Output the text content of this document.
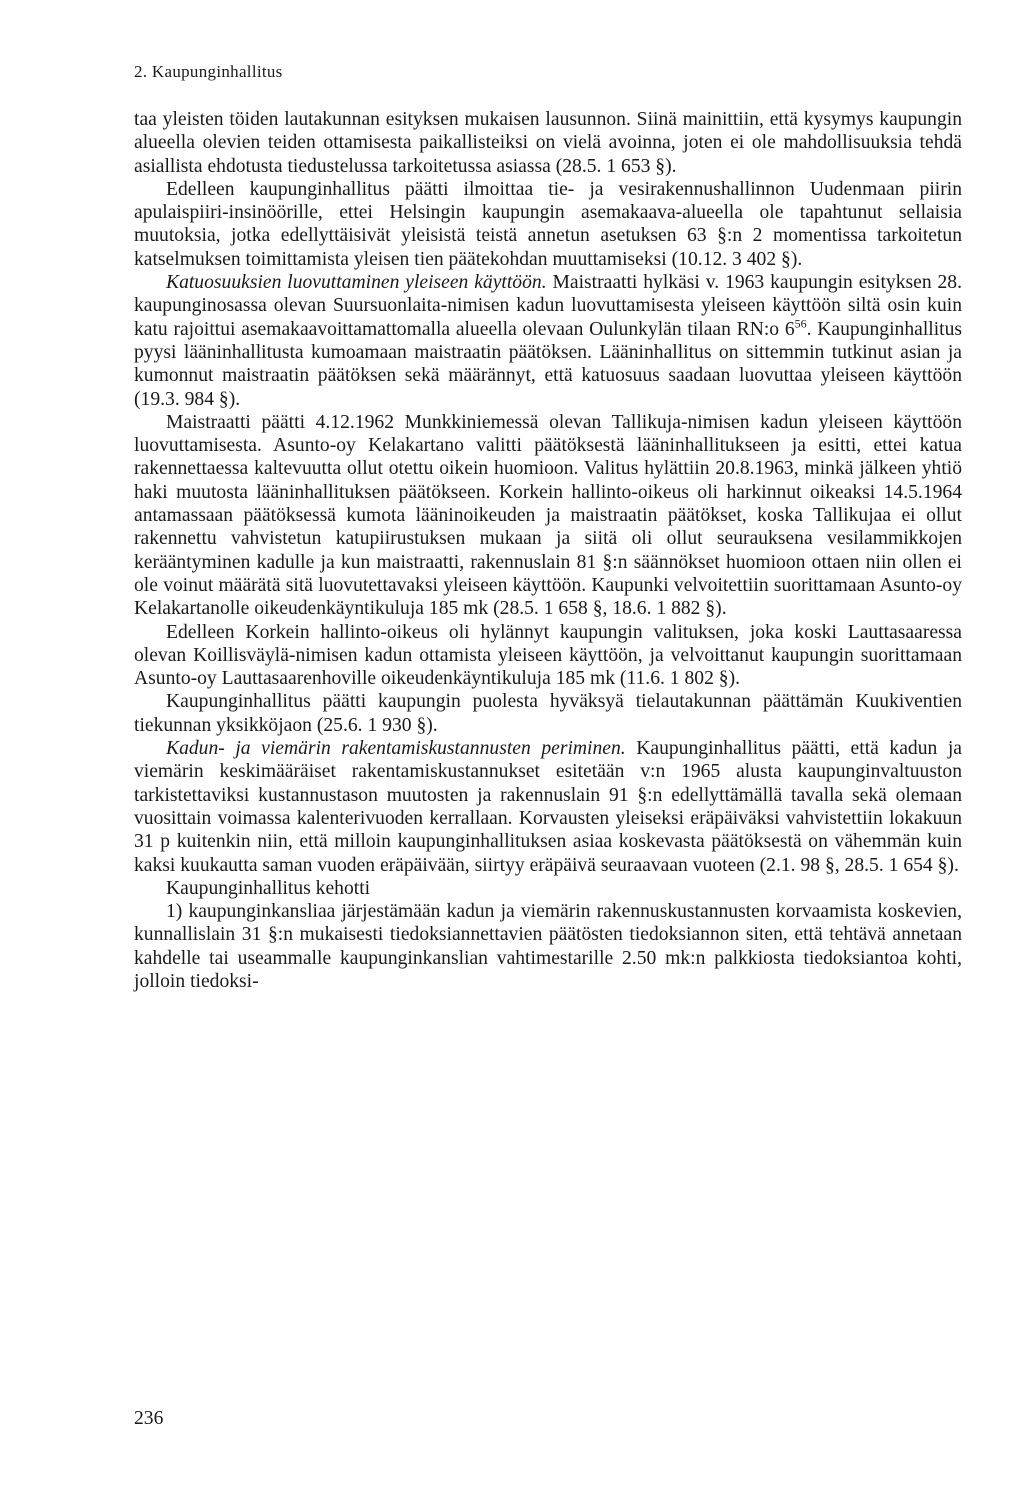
2. Kaupunginhallitus

taa yleisten töiden lautakunnan esityksen mukaisen lausunnon. Siinä mainittiin, että kysymys kaupungin alueella olevien teiden ottamisesta paikallisteiksi on vielä avoinna, joten ei ole mahdollisuuksia tehdä asiallista ehdotusta tiedustelussa tarkoitetussa asiassa (28.5. 1 653 §).

Edelleen kaupunginhallitus päätti ilmoittaa tie- ja vesirakennushallinnon Uudenmaan piirin apulaispiiri-insinöörille, ettei Helsingin kaupungin asemakaava-alueella ole tapahtunut sellaisia muutoksia, jotka edellyttäisivät yleisistä teistä annetun asetuksen 63 §:n 2 momentissa tarkoitetun katselmuksen toimittamista yleisen tien päätekohdan muuttamiseksi (10.12. 3 402 §).

Katuosuuksien luovuttaminen yleiseen käyttöön. Maistraatti hylkäsi v. 1963 kaupungin esityksen 28. kaupunginosassa olevan Suursuonlaita-nimisen kadun luovuttamisesta yleiseen käyttöön siltä osin kuin katu rajoittui asemakaavoittamattomalla alueella olevaan Oulunkylän tilaan RN:o $6^{56}$. Kaupunginhallitus pyysi lääninhallitusta kumoamaan maistraatin päätöksen. Lääninhallitus on sittemmin tutkinut asian ja kumonnut maistraatin päätöksen sekä määrännyt, että katuosuus saadaan luovuttaa yleiseen käyttöön (19.3. 984 §).

Maistraatti päätti 4.12.1962 Munkkiniemessä olevan Tallikuja-nimisen kadun yleiseen käyttöön luovuttamisesta. Asunto-oy Kelakartano valitti päätöksestä lääninhallitukseen ja esitti, ettei katua rakennettaessa kaltevuutta ollut otettu oikein huomioon. Valitus hylättiin 20.8.1963, minkä jälkeen yhtiö haki muutosta lääninhallituksen päätökseen. Korkein hallinto-oikeus oli harkinnut oikeaksi 14.5.1964 antamassaan päätöksessä kumota lääninoikeuden ja maistraatin päätökset, koska Tallikujaa ei ollut rakennettu vahvistetun katupiirustuksen mukaan ja siitä oli ollut seurauksena vesilammikkojen kerääntyminen kadulle ja kun maistraatti, rakennuslain 81 §:n säännökset huomioon ottaen niin ollen ei ole voinut määrätä sitä luovutettavaksi yleiseen käyttöön. Kaupunki velvoitettiin suorittamaan Asunto-oy Kelakartanolle oikeudenkäyntikuluja 185 mk (28.5. 1 658 §, 18.6. 1 882 §).

Edelleen Korkein hallinto-oikeus oli hylännyt kaupungin valituksen, joka koski Lauttasaaressa olevan Koillisväylä-nimisen kadun ottamista yleiseen käyttöön, ja velvoittanut kaupungin suorittamaan Asunto-oy Lauttasaarenhoville oikeudenkäyntikuluja 185 mk (11.6. 1 802 §).

Kaupunginhallitus päätti kaupungin puolesta hyväksyä tielautakunnan päättämän Kuukiventien tiekunnan yksikköjaon (25.6. 1 930 §).

Kadun- ja viemärin rakentamiskustannusten periminen. Kaupunginhallitus päätti, että kadun ja viemärin keskimääräiset rakentamiskustannukset esitetään v:n 1965 alusta kaupunginvaltuuston tarkistettaviksi kustannustason muutosten ja rakennuslain 91 §:n edellyttämällä tavalla sekä olemaan vuosittain voimassa kalenterivuoden kerrallaan. Korvausten yleiseksi eräpäiväksi vahvistettiin lokakuun 31 p kuitenkin niin, että milloin kaupunginhallituksen asiaa koskevasta päätöksestä on vähemmän kuin kaksi kuukautta saman vuoden eräpäivään, siirtyy eräpäivä seuraavaan vuoteen (2.1. 98 §, 28.5. 1 654 §).

Kaupunginhallitus kehotti

1) kaupunginkansliaa järjestämään kadun ja viemärin rakennuskustannusten korvaamista koskevien, kunnallislain 31 §:n mukaisesti tiedoksiannettavien päätösten tiedoksiannon siten, että tehtävä annetaan kahdelle tai useammalle kaupunginkanslian vahtimestarille 2.50 mk:n palkkiosta tiedoksiantoa kohti, jolloin tiedoksi-

236
